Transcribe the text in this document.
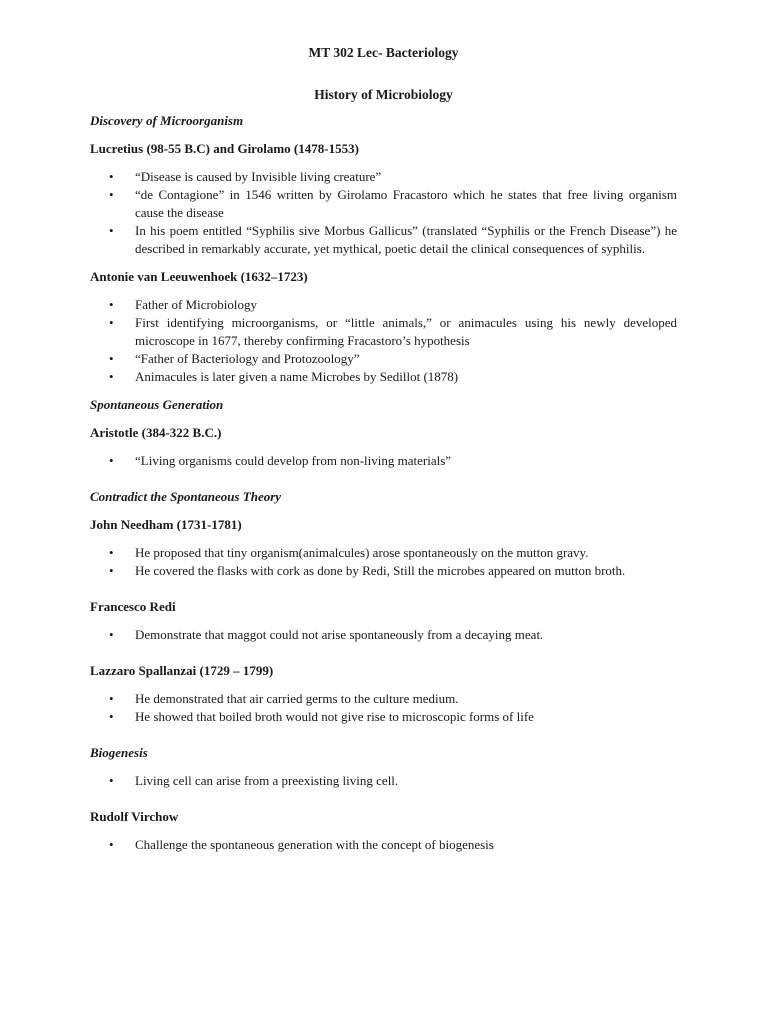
MT 302 Lec- Bacteriology
History of Microbiology
Discovery of Microorganism
Lucretius (98-55 B.C) and Girolamo (1478-1553)
• “Disease is caused by Invisible living creature”
• “de Contagione” in 1546 written by Girolamo Fracastoro which he states that free living organism cause the disease
• In his poem entitled “Syphilis sive Morbus Gallicus” (translated “Syphilis or the French Disease”) he described in remarkably accurate, yet mythical, poetic detail the clinical consequences of syphilis.
Antonie van Leeuwenhoek (1632–1723)
• Father of Microbiology
• First identifying microorganisms, or “little animals,” or animacules using his newly developed microscope in 1677, thereby confirming Fracastoro’s hypothesis
• “Father of Bacteriology and Protozoology”
• Animacules is later given a name Microbes by Sedillot (1878)
Spontaneous Generation
Aristotle (384-322 B.C.)
• “Living organisms could develop from non-living materials”
Contradict the Spontaneous Theory
John Needham (1731-1781)
• He proposed that tiny organism(animalcules) arose spontaneously on the mutton gravy.
• He covered the flasks with cork as done by Redi, Still the microbes appeared on mutton broth.
Francesco Redi
• Demonstrate that maggot could not arise spontaneously from a decaying meat.
Lazzaro Spallanzai (1729 – 1799)
• He demonstrated that air carried germs to the culture medium.
• He showed that boiled broth would not give rise to microscopic forms of life
Biogenesis
• Living cell can arise from a preexisting living cell.
Rudolf Virchow
• Challenge the spontaneous generation with the concept of biogenesis
